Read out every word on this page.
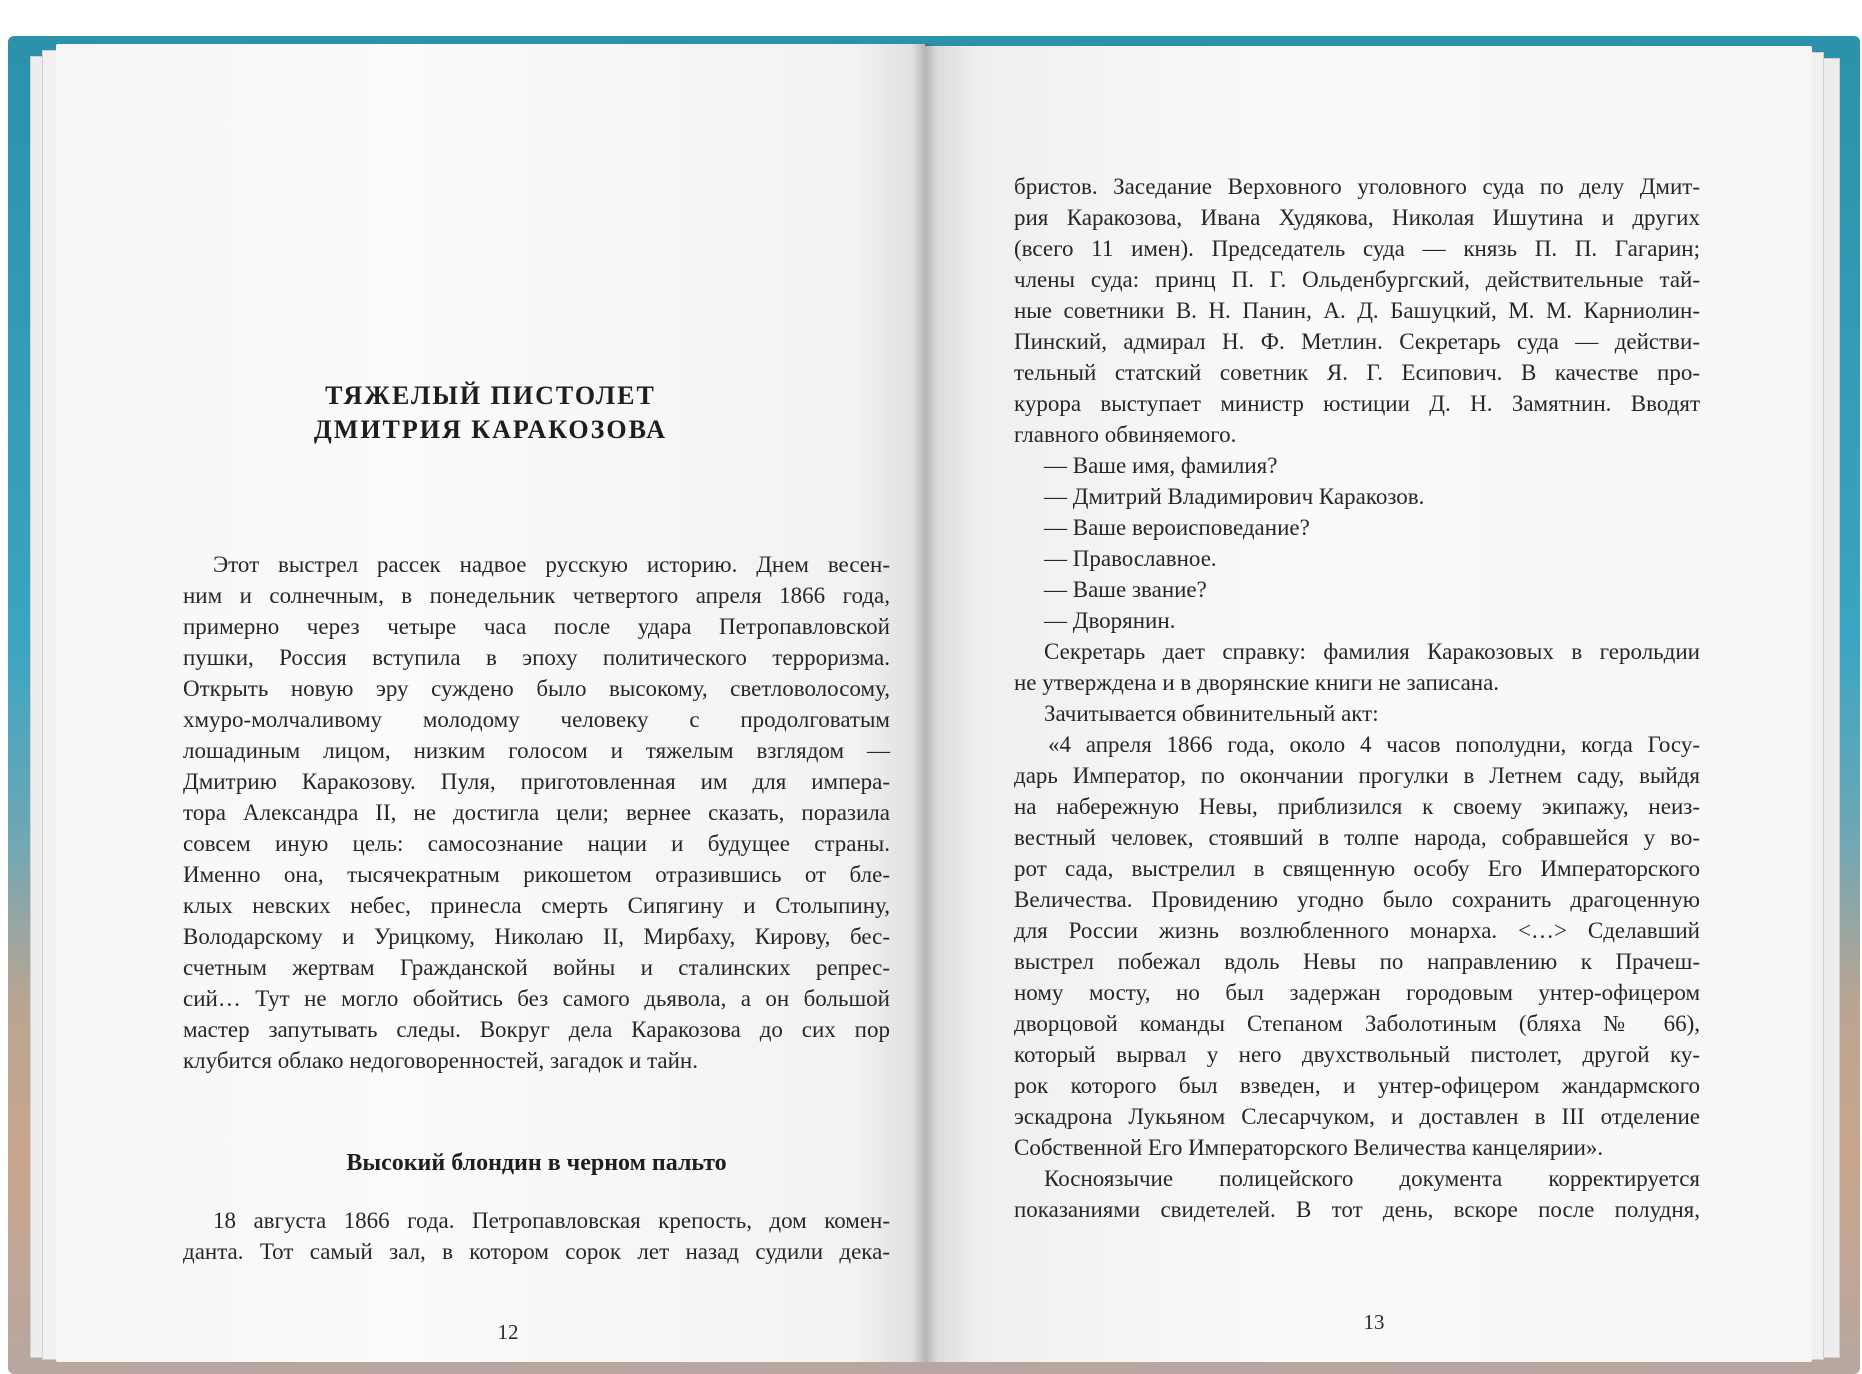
ТЯЖЕЛЫЙ ПИСТОЛЕТ
ДМИТРИЯ КАРАКОЗОВА

Этот выстрел рассек надвое русскую историю. Днем весен-

ним и солнечным, в понедельник четвертого апреля 1866 года,

примерно через четыре часа после удара Петропавловской

пушки, Россия вступила в эпоху политического терроризма.

Открыть новую эру суждено было высокому, светловолосому,

хмуро-молчаливому молодому человеку с продолговатым

лошадиным лицом, низким голосом и тяжелым взглядом —

Дмитрию Каракозову. Пуля, приготовленная им для импера-

тора Александра II, не достигла цели; вернее сказать, поразила

совсем иную цель: самосознание нации и будущее страны.

Именно она, тысячекратным рикошетом отразившись от бле-

клых невских небес, принесла смерть Сипягину и Столыпину,

Володарскому и Урицкому, Николаю II, Мирбаху, Кирову, бес-

счетным жертвам Гражданской войны и сталинских репрес-

сий… Тут не могло обойтись без самого дьявола, а он большой

мастер запутывать следы. Вокруг дела Каракозова до сих пор

клубится облако недоговоренностей, загадок и тайн.

Высокий блондин в черном пальто

18 августа 1866 года. Петропавловская крепость, дом комен-

данта. Тот самый зал, в котором сорок лет назад судили дека-

12

бристов. Заседание Верховного уголовного суда по делу Дмит-

рия Каракозова, Ивана Худякова, Николая Ишутина и других

(всего 11 имен). Председатель суда — князь П. П. Гагарин;

члены суда: принц П. Г. Ольденбургский, действительные тай-

ные советники В. Н. Панин, А. Д. Башуцкий, М. М. Карниолин-

Пинский, адмирал Н. Ф. Метлин. Секретарь суда — действи-

тельный статский советник Я. Г. Есипович. В качестве про-

курора выступает министр юстиции Д. Н. Замятнин. Вводят

главного обвиняемого.

— Ваше имя, фамилия?

— Дмитрий Владимирович Каракозов.

— Ваше вероисповедание?

— Православное.

— Ваше звание?

— Дворянин.

Секретарь дает справку: фамилия Каракозовых в герольдии

не утверждена и в дворянские книги не записана.

Зачитывается обвинительный акт:

«4 апреля 1866 года, около 4 часов пополудни, когда Госу-

дарь Император, по окончании прогулки в Летнем саду, выйдя

на набережную Невы, приблизился к своему экипажу, неиз-

вестный человек, стоявший в толпе народа, собравшейся у во-

рот сада, выстрелил в священную особу Его Императорского

Величества. Провидению угодно было сохранить драгоценную

для России жизнь возлюбленного монарха. <…> Сделавший

выстрел побежал вдоль Невы по направлению к Прачеш-

ному мосту, но был задержан городовым унтер-офицером

дворцовой команды Степаном Заболотиным (бляха № 66),

который вырвал у него двухствольный пистолет, другой ку-

рок которого был взведен, и унтер-офицером жандармского

эскадрона Лукьяном Слесарчуком, и доставлен в III отделение

Собственной Его Императорского Величества канцелярии».

Косноязычие полицейского документа корректируется

показаниями свидетелей. В тот день, вскоре после полудня,

13
